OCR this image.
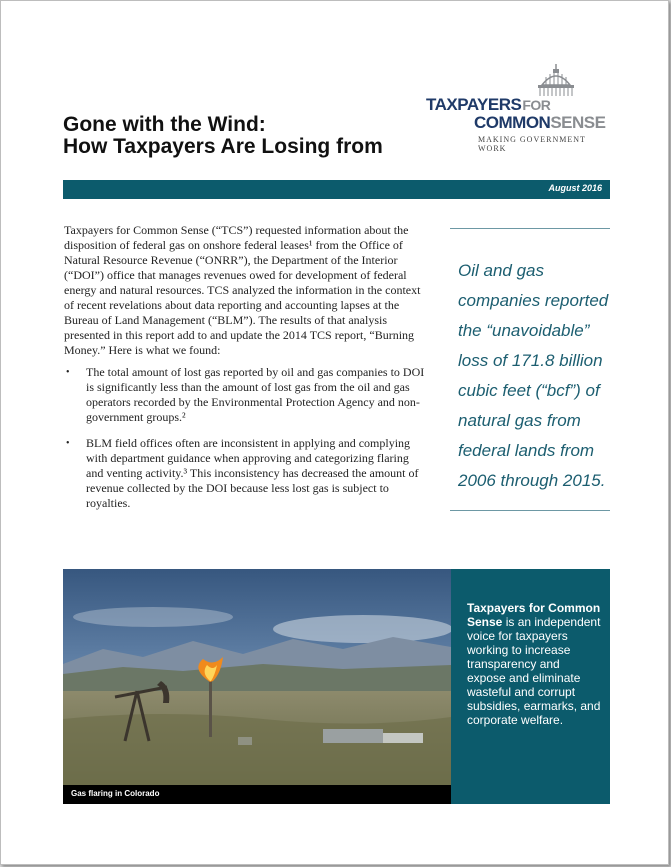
Gone with the Wind:
How Taxpayers Are Losing from
TAXPAYERSFOR
COMMONSENSE
MAKING GOVERNMENT WORK
August 2016

Taxpayers for Common Sense (“TCS”) requested information about the disposition of federal gas on onshore federal leases¹ from the Office of Natural Resource Revenue (“ONRR”), the Department of the Interior (“DOI”) office that manages revenues owed for development of federal energy and natural resources. TCS analyzed the information in the context of recent revelations about data reporting and accounting lapses at the Bureau of Land Management (“BLM”). The results of that analysis presented in this report add to and update the 2014 TCS report, “Burning Money.” Here is what we found:

• The total amount of lost gas reported by oil and gas companies to DOI is significantly less than the amount of lost gas from the oil and gas operators recorded by the Environmental Protection Agency and non-government groups.²
• BLM field offices often are inconsistent in applying and complying with department guidance when approving and categorizing flaring and venting activity.³ This inconsistency has decreased the amount of revenue collected by the DOI because less lost gas is subject to royalties.
Oil and gas companies reported the “unavoidable” loss of 171.8 billion cubic feet (“bcf”) of natural gas from federal lands from 2006 through 2015.
Gas flaring in Colorado
Taxpayers for Common Sense is an independent voice for taxpayers working to increase transparency and expose and eliminate wasteful and corrupt subsidies, earmarks, and corporate welfare.
